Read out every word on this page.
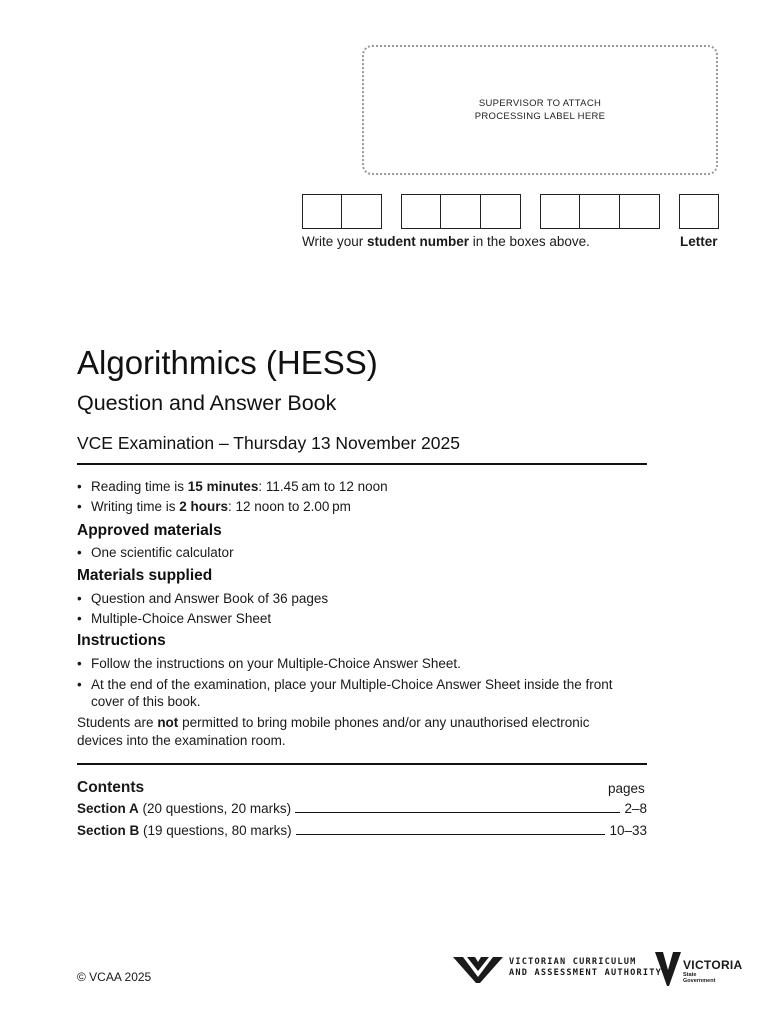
SUPERVISOR TO ATTACH
PROCESSING LABEL HERE
Write your student number in the boxes above.	Letter
Algorithmics (HESS)
Question and Answer Book
VCE Examination – Thursday 13 November 2025
• Reading time is 15 minutes: 11.45 am to 12 noon
• Writing time is 2 hours: 12 noon to 2.00 pm
Approved materials
• One scientific calculator
Materials supplied
• Question and Answer Book of 36 pages
• Multiple-Choice Answer Sheet
Instructions
• Follow the instructions on your Multiple-Choice Answer Sheet.
• At the end of the examination, place your Multiple-Choice Answer Sheet inside the front cover of this book.
Students are not permitted to bring mobile phones and/or any unauthorised electronic devices into the examination room.
Contents	pages
Section A (20 questions, 20 marks)	2–8
Section B (19 questions, 80 marks)	10–33
© VCAA 2025
VICTORIAN CURRICULUM
AND ASSESSMENT AUTHORITY
VICTORIA
State
Government
